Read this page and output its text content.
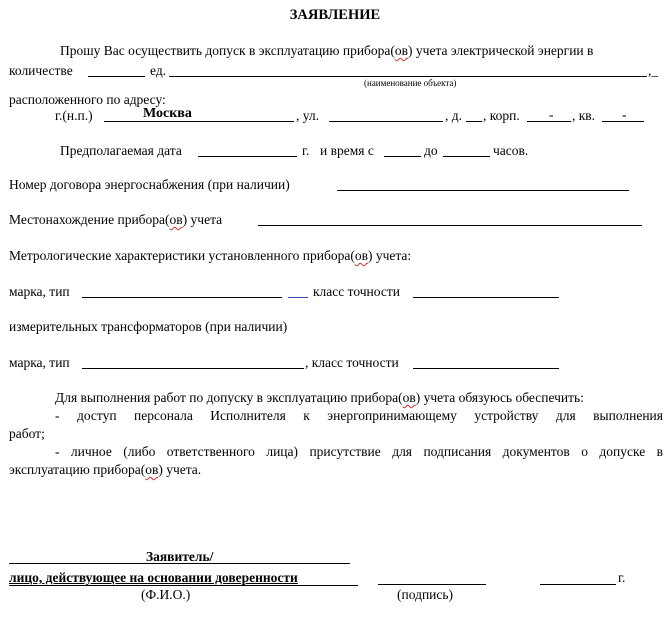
ЗАЯВЛЕНИЕ
Прошу Вас осуществить допуск в эксплуатацию прибора(ов) учета электрической энергии в
количестве	ед.	,_
(наименование объекта)
расположенного по адресу:
г.(н.п.)	Москва	, ул.	, д. , корп. - , кв. -
Предполагаемая дата	г. и время с	до	часов.
Номер договора энергоснабжения (при наличии)
Местонахождение прибора(ов) учета
Метрологические характеристики установленного прибора(ов) учета:
марка, тип	класс точности
измерительных трансформаторов (при наличии)
марка, тип	, класс точности
Для выполнения работ по допуску в эксплуатацию прибора(ов) учета обязуюсь обеспечить:
- доступ персонала Исполнителя к энергопринимающему устройству для выполнения
работ;
- личное (либо ответственного лица) присутствие для подписания документов о допуске в
эксплуатацию прибора(ов) учета.
Заявитель/
лицо, действующее на основании доверенности	г.
(Ф.И.О.)	(подпись)
